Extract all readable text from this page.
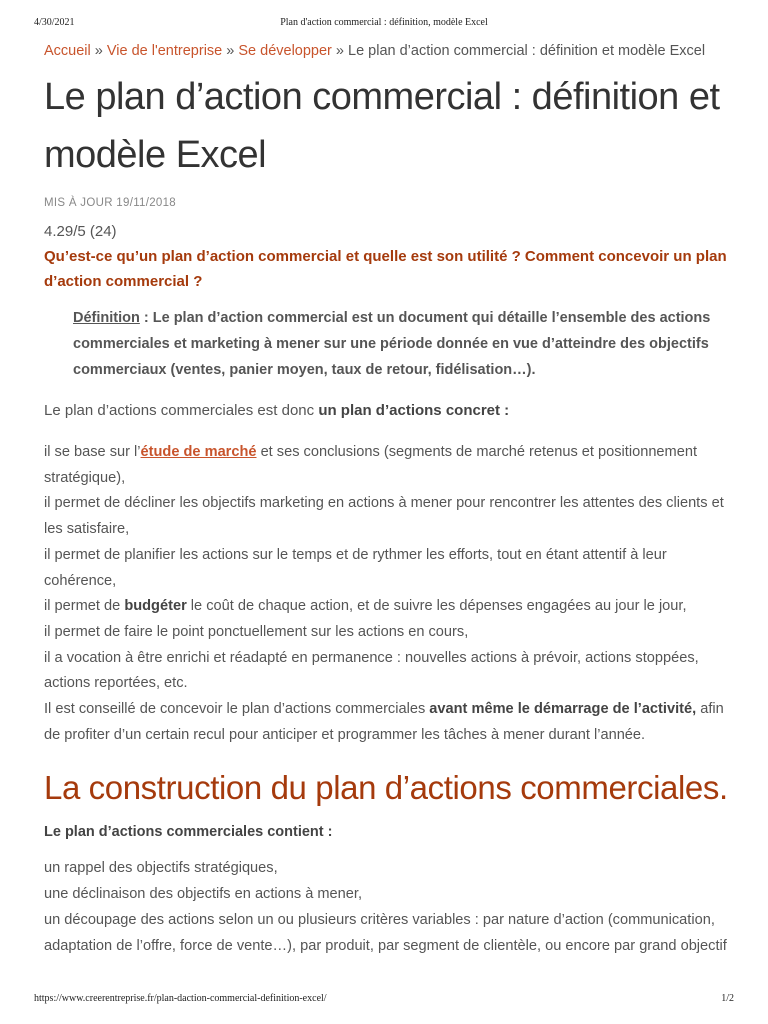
4/30/2021	Plan d'action commercial : définition, modèle Excel
Accueil » Vie de l'entreprise » Se développer » Le plan d’action commercial : définition et modèle Excel
Le plan d’action commercial : définition et
modèle Excel
MIS À JOUR 19/11/2018
4.29/5 (24)
Qu’est-ce qu’un plan d’action commercial et quelle est son utilité ? Comment concevoir un plan d’action commercial ?
Définition : Le plan d’action commercial est un document qui détaille l’ensemble des actions commerciales et marketing à mener sur une période donnée en vue d’atteindre des objectifs commerciaux (ventes, panier moyen, taux de retour, fidélisation…).

Le plan d’actions commerciales est donc un plan d’actions concret :

il se base sur l’étude de marché et ses conclusions (segments de marché retenus et positionnement stratégique),
il permet de décliner les objectifs marketing en actions à mener pour rencontrer les attentes des clients et les satisfaire,
il permet de planifier les actions sur le temps et de rythmer les efforts, tout en étant attentif à leur cohérence,
il permet de budgéter le coût de chaque action, et de suivre les dépenses engagées au jour le jour,
il permet de faire le point ponctuellement sur les actions en cours,
il a vocation à être enrichi et réadapté en permanence : nouvelles actions à prévoir, actions stoppées, actions reportées, etc.
Il est conseillé de concevoir le plan d’actions commerciales avant même le démarrage de l’activité, afin de profiter d’un certain recul pour anticiper et programmer les tâches à mener durant l’année.
La construction du plan d’actions commerciales.
Le plan d’actions commerciales contient :
un rappel des objectifs stratégiques,
une déclinaison des objectifs en actions à mener,
un découpage des actions selon un ou plusieurs critères variables : par nature d’action (communication, adaptation de l’offre, force de vente…), par produit, par segment de clientèle, ou encore par grand objectif
https://www.creerentreprise.fr/plan-daction-commercial-definition-excel/	1/2
